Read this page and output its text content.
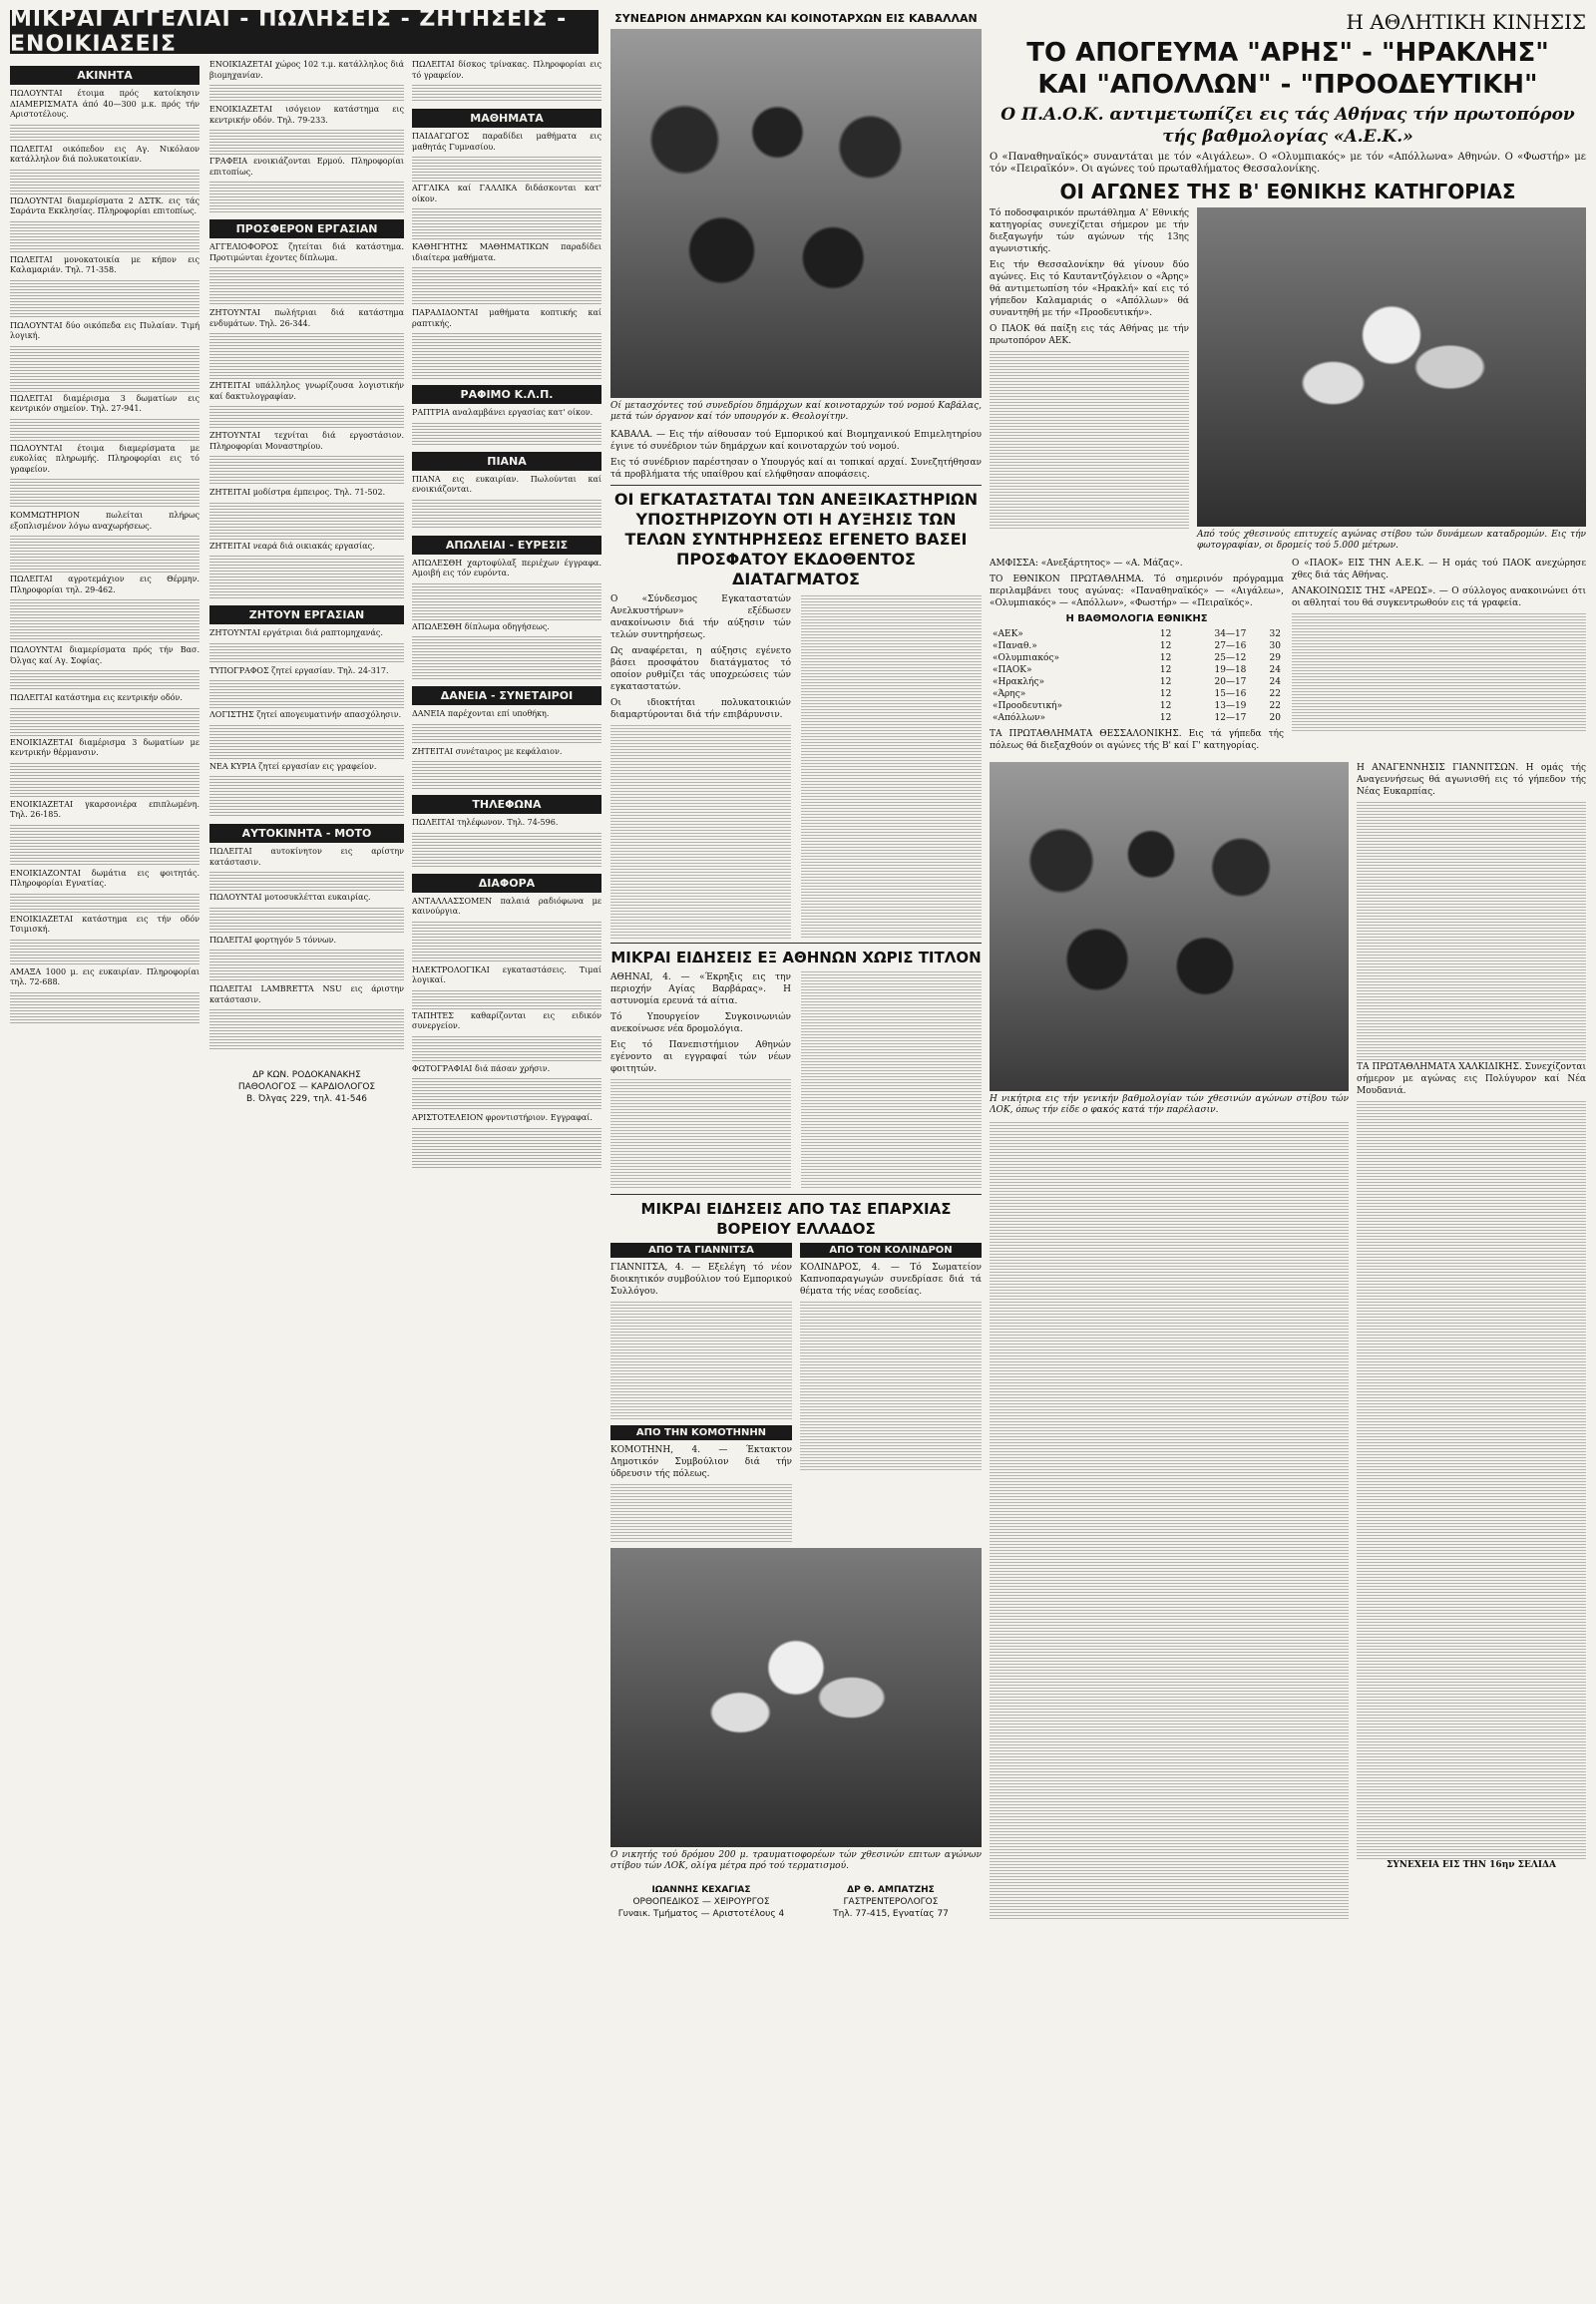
ΜΙΚΡΑΙ ΑΓΓΕΛΙΑΙ - ΠΩΛΗΣΕΙΣ - ΖΗΤΗΣΕΙΣ - ΕΝΟΙΚΙΑΣΕΙΣ
ΑΚΙΝΗΤΑ
ΠΩΛΟΥΝΤΑΙ έτοιμα πρός κατοίκησιν ΔΙΑΜΕΡΙΣΜΑΤΑ άπό 40—300 μ.κ. πρός τήν Αριστοτέλους.
ΠΩΛΕΙΤΑΙ οικόπεδον εις Αγ. Νικόλαον κατάλληλον διά πολυκατοικίαν.
ΠΩΛΟΥΝΤΑΙ διαμερίσματα 2 ΔΣΤΚ. εις τάς Σαράντα Εκκλησίας. Πληροφορίαι επιτοπίως.
ΠΩΛΕΙΤΑΙ μονοκατοικία με κήπον εις Καλαμαριάν. Τηλ. 71-358.
ΠΩΛΟΥΝΤΑΙ δύο οικόπεδα εις Πυλαίαν. Τιμή λογική.
ΠΩΛΕΙΤΑΙ διαμέρισμα 3 δωματίων εις κεντρικόν σημείον. Τηλ. 27-941.
ΠΩΛΟΥΝΤΑΙ έτοιμα διαμερίσματα με ευκολίας πληρωμής. Πληροφορίαι εις τό γραφείον.
ΚΟΜΜΩΤΗΡΙΟΝ πωλείται πλήρως εξοπλισμένον λόγω αναχωρήσεως.
ΠΩΛΕΙΤΑΙ αγροτεμάχιον εις Θέρμην. Πληροφορίαι τηλ. 29-462.
ΠΩΛΟΥΝΤΑΙ διαμερίσματα πρός τήν Βασ. Όλγας καί Αγ. Σοφίας.
ΠΩΛΕΙΤΑΙ κατάστημα εις κεντρικήν οδόν.
ΕΝΟΙΚΙΑΖΕΤΑΙ διαμέρισμα 3 δωματίων με κεντρικήν θέρμανσιν.
ΕΝΟΙΚΙΑΖΕΤΑΙ γκαρσονιέρα επιπλωμένη. Τηλ. 26-185.
ΕΝΟΙΚΙΑΖΟΝΤΑΙ δωμάτια εις φοιτητάς. Πληροφορίαι Εγνατίας.
ΕΝΟΙΚΙΑΖΕΤΑΙ κατάστημα εις τήν οδόν Τσιμισκή.
ΑΜΑΞΑ 1000 μ. εις ευκαιρίαν. Πληροφορίαι τηλ. 72-688.
ΕΝΟΙΚΙΑΖΕΤΑΙ χώρος 102 τ.μ. κατάλληλος διά βιομηχανίαν.
ΕΝΟΙΚΙΑΖΕΤΑΙ ισόγειον κατάστημα εις κεντρικήν οδόν. Τηλ. 79-233.
ΓΡΑΦΕΙΑ ενοικιάζονται Ερμού. Πληροφορίαι επιτοπίως.
ΠΡΟΣΦΕΡΟΝ ΕΡΓΑΣΙΑΝ
ΑΓΓΕΛΙΟΦΟΡΟΣ ζητείται διά κατάστημα. Προτιμώνται έχοντες δίπλωμα.
ΖΗΤΟΥΝΤΑΙ πωλήτριαι διά κατάστημα ενδυμάτων. Τηλ. 26-344.
ΖΗΤΕΙΤΑΙ υπάλληλος γνωρίζουσα λογιστικήν καί δακτυλογραφίαν.
ΖΗΤΟΥΝΤΑΙ τεχνίται διά εργοστάσιον. Πληροφορίαι Μοναστηρίου.
ΖΗΤΕΙΤΑΙ μοδίστρα έμπειρος. Τηλ. 71-502.
ΖΗΤΕΙΤΑΙ νεαρά διά οικιακάς εργασίας.
ΖΗΤΟΥΝ ΕΡΓΑΣΙΑΝ
ΖΗΤΟΥΝΤΑΙ εργάτριαι διά ραπτομηχανάς.
ΤΥΠΟΓΡΑΦΟΣ ζητεί εργασίαν. Τηλ. 24-317.
ΛΟΓΙΣΤΗΣ ζητεί απογευματινήν απασχόλησιν.
ΝΕΑ ΚΥΡΙΑ ζητεί εργασίαν εις γραφείον.
ΑΥΤΟΚΙΝΗΤΑ - ΜΟΤΟ
ΠΩΛΕΙΤΑΙ αυτοκίνητον εις αρίστην κατάστασιν.
ΠΩΛΟΥΝΤΑΙ μοτοσυκλέτται ευκαιρίας.
ΠΩΛΕΙΤΑΙ φορτηγόν 5 τόννων.
ΠΩΛΕΙΤΑΙ LAMBRETTA NSU εις άριστην κατάστασιν.
ΔΡ ΚΩΝ. ΡΟΔΟΚΑΝΑΚΗΣ
ΠΑΘΟΛΟΓΟΣ — ΚΑΡΔΙΟΛΟΓΟΣ
Β. Όλγας 229, τηλ. 41-546
ΠΩΛΕΙΤΑΙ δίσκος τρίνακας. Πληροφορίαι εις τό γραφείον.
ΜΑΘΗΜΑΤΑ
ΠΑΙΔΑΓΩΓΟΣ παραδίδει μαθήματα εις μαθητάς Γυμνασίου.
ΑΓΓΛΙΚΑ καί ΓΑΛΛΙΚΑ διδάσκονται κατ' οίκον.
ΚΑΘΗΓΗΤΗΣ ΜΑΘΗΜΑΤΙΚΩΝ παραδίδει ιδιαίτερα μαθήματα.
ΠΑΡΑΔΙΔΟΝΤΑΙ μαθήματα κοπτικής καί ραπτικής.
ΡΑΦΙΜΟ Κ.Λ.Π.
ΡΑΠΤΡΙΑ αναλαμβάνει εργασίας κατ' οίκον.
ΠΙΑΝΑ
ΠΙΑΝΑ εις ευκαιρίαν. Πωλούνται καί ενοικιάζονται.
ΑΠΩΛΕΙΑΙ - ΕΥΡΕΣΙΣ
ΑΠΩΛΕΣΘΗ χαρτοφύλαξ περιέχων έγγραφα. Αμοιβή εις τόν ευρόντα.
ΑΠΩΛΕΣΘΗ δίπλωμα οδηγήσεως.
ΔΑΝΕΙΑ - ΣΥΝΕΤΑΙΡΟΙ
ΔΑΝΕΙΑ παρέχονται επί υποθήκη.
ΖΗΤΕΙΤΑΙ συνέταιρος με κεφάλαιον.
ΤΗΛΕΦΩΝΑ
ΠΩΛΕΙΤΑΙ τηλέφωνον. Τηλ. 74-596.
ΔΙΑΦΟΡΑ
ΑΝΤΑΛΛΑΣΣΟΜΕΝ παλαιά ραδιόφωνα με καινούργια.
ΗΛΕΚΤΡΟΛΟΓΙΚΑΙ εγκαταστάσεις. Τιμαί λογικαί.
ΤΑΠΗΤΕΣ καθαρίζονται εις ειδικόν συνεργείον.
ΦΩΤΟΓΡΑΦΙΑΙ διά πάσαν χρήσιν.
ΑΡΙΣΤΟΤΕΛΕΙΟΝ φροντιστήριον. Εγγραφαί.
ΣΥΝΕΔΡΙΟΝ ΔΗΜΑΡΧΩΝ ΚΑΙ ΚΟΙΝΟΤΑΡΧΩΝ ΕΙΣ ΚΑΒΑΛΛΑΝ
Οί μετασχόντες τού συνεδρίου δημάρχων καί κοινοταρχών τού νομού Καβάλας, μετά τών όργανον καί τόν υπουργόν κ. Θεολογίτην.

ΚΑΒΑΛΑ. — Εις τήν αίθουσαν τού Εμπορικού καί Βιομηχανικού Επιμελητηρίου έγινε τό συνέδριον τών δημάρχων καί κοινοταρχών τού νομού.

Εις τό συνέδριον παρέστησαν ο Υπουργός καί αι τοπικαί αρχαί. Συνεζητήθησαν τά προβλήματα τής υπαίθρου καί ελήφθησαν αποφάσεις.

ΟΙ ΕΓΚΑΤΑΣΤΑΤΑΙ ΤΩΝ ΑΝΕΞΙΚΑΣΤΗΡΙΩΝ ΥΠΟΣΤΗΡΙΖΟΥΝ ΟΤΙ Η ΑΥΞΗΣΙΣ ΤΩΝ ΤΕΛΩΝ ΣΥΝΤΗΡΗΣΕΩΣ ΕΓΕΝΕΤΟ ΒΑΣΕΙ ΠΡΟΣΦΑΤΟΥ ΕΚΔΟΘΕΝΤΟΣ ΔΙΑΤΑΓΜΑΤΟΣ

Ο «Σύνδεσμος Εγκαταστατών Ανελκυστήρων» εξέδωσεν ανακοίνωσιν διά τήν αύξησιν τών τελών συντηρήσεως.

Ως αναφέρεται, η αύξησις εγένετο βάσει προσφάτου διατάγματος τό οποίον ρυθμίζει τάς υποχρεώσεις τών εγκαταστατών.

Οι ιδιοκτήται πολυκατοικιών διαμαρτύρονται διά τήν επιβάρυνσιν.

ΜΙΚΡΑΙ ΕΙΔΗΣΕΙΣ ΕΞ ΑΘΗΝΩΝ ΧΩΡΙΣ ΤΙΤΛΟΝ

ΑΘΗΝΑΙ, 4. — «Έκρηξις εις την περιοχήν Αγίας Βαρβάρας». Η αστυνομία ερευνά τά αίτια.

Τό Υπουργείον Συγκοινωνιών ανεκοίνωσε νέα δρομολόγια.

Εις τό Πανεπιστήμιον Αθηνών εγένοντο αι εγγραφαί τών νέων φοιτητών.

ΜΙΚΡΑΙ ΕΙΔΗΣΕΙΣ ΑΠΟ ΤΑΣ ΕΠΑΡΧΙΑΣ ΒΟΡΕΙΟΥ ΕΛΛΑΔΟΣ
ΑΠΟ ΤΑ ΓΙΑΝΝΙΤΣΑ	ΑΠΟ ΤΟΝ ΚΟΛΙΝΔΡΟΝ

ΓΙΑΝΝΙΤΣΑ, 4. — Εξελέγη τό νέον διοικητικόν συμβούλιον τού Εμπορικού Συλλόγου.

ΑΠΟ ΤΗΝ ΚΟΜΟΤΗΝΗΝ

ΚΟΜΟΤΗΝΗ, 4. — Έκτακτον Δημοτικόν Συμβούλιον διά τήν ύδρευσιν τής πόλεως.

ΚΟΛΙΝΔΡΟΣ, 4. — Τό Σωματείον Καπνοπαραγωγών συνεδρίασε διά τά θέματα τής νέας εσοδείας.

Ο νικητής τού δρόμου 200 μ. τραυματιοφορέων τών χθεσινών επιτων αγώνων στίβου τών ΛΟΚ, ολίγα μέτρα πρό τού τερματισμού.
ΙΩΑΝΝΗΣ ΚΕΧΑΓΙΑΣ
ΟΡΘΟΠΕΔΙΚΟΣ — ΧΕΙΡΟΥΡΓΟΣ
Γυναικ. Τμήματος — Αριστοτέλους 4
ΔΡ Θ. ΑΜΠΑΤΖΗΣ
ΓΑΣΤΡΕΝΤΕΡΟΛΟΓΟΣ
Τηλ. 77-415, Εγνατίας 77
Η ΑΘΛΗΤΙΚΗ ΚΙΝΗΣΙΣ
ΤΟ ΑΠΟΓΕΥΜΑ "ΑΡΗΣ" - "ΗΡΑΚΛΗΣ"
ΚΑΙ "ΑΠΟΛΛΩΝ" - "ΠΡΟΟΔΕΥΤΙΚΗ"
Ο Π.Α.Ο.Κ. αντιμετωπίζει εις τάς Αθήνας τήν πρωτοπόρον τής βαθμολογίας «Α.Ε.Κ.»
Ο «Παναθηναϊκός» συναντάται με τόν «Αιγάλεω». Ο «Ολυμπιακός» με τόν «Απόλλωνα» Αθηνών. Ο «Φωστήρ» με τόν «Πειραϊκόν». Οι αγώνες τού πρωταθλήματος Θεσσαλονίκης.
ΟΙ ΑΓΩΝΕΣ ΤΗΣ Β' ΕΘΝΙΚΗΣ ΚΑΤΗΓΟΡΙΑΣ

Τό ποδοσφαιρικόν πρωτάθλημα Α' Εθνικής κατηγορίας συνεχίζεται σήμερον με τήν διεξαγωγήν τών αγώνων τής 13ης αγωνιστικής.

Εις τήν Θεσσαλονίκην θά γίνουν δύο αγώνες. Εις τό Καυταντζόγλειον ο «Άρης» θά αντιμετωπίση τόν «Ηρακλή» καί εις τό γήπεδον Καλαμαριάς ο «Απόλλων» θά συναντηθή με τήν «Προοδευτικήν».

Ο ΠΑΟΚ θά παίξη εις τάς Αθήνας με τήν πρωτοπόρον ΑΕΚ.

Από τούς χθεσινούς επιτυχείς αγώνας στίβου τών δυνάμεων καταδρομών. Εις τήν φωτογραφίαν, οι δρομείς τού 5.000 μέτρων.

ΑΜΦΙΣΣΑ: «Ανεξάρτητος» — «Α. Μάζας».

ΤΟ ΕΘΝΙΚΟΝ ΠΡΩΤΑΘΛΗΜΑ. Τό σημερινόν πρόγραμμα περιλαμβάνει τους αγώνας: «Παναθηναϊκός» — «Αιγάλεω», «Ολυμπιακός» — «Απόλλων», «Φωστήρ» — «Πειραϊκός».

Η ΒΑΘΜΟΛΟΓΙΑ ΕΘΝΙΚΗΣ
«ΑΕΚ»	12	34—17	32
«Παναθ.»	12	27—16	30
«Ολυμπιακός»	12	25—12	29
«ΠΑΟΚ»	12	19—18	24
«Ηρακλής»	12	20—17	24
«Άρης»	12	15—16	22
«Προοδευτική»	12	13—19	22
«Απόλλων»	12	12—17	20

ΤΑ ΠΡΩΤΑΘΛΗΜΑΤΑ ΘΕΣΣΑΛΟΝΙΚΗΣ. Εις τά γήπεδα τής πόλεως θά διεξαχθούν οι αγώνες τής Β' καί Γ' κατηγορίας.

Ο «ΠΑΟΚ» ΕΙΣ ΤΗΝ Α.Ε.Κ. — Η ομάς τού ΠΑΟΚ ανεχώρησε χθες διά τάς Αθήνας.

ΑΝΑΚΟΙΝΩΣΙΣ ΤΗΣ «ΑΡΕΩΣ». — Ο σύλλογος ανακοινώνει ότι οι αθληταί του θά συγκεντρωθούν εις τά γραφεία.

Η νικήτρια εις τήν γενικήν βαθμολογίαν τών χθεσινών αγώνων στίβου τών ΛΟΚ, όπως τήν είδε ο φακός κατά τήν παρέλασιν.

Η ΑΝΑΓΕΝΝΗΣΙΣ ΓΙΑΝΝΙΤΣΩΝ. Η ομάς τής Αναγεννήσεως θά αγωνισθή εις τό γήπεδον τής Νέας Ευκαρπίας.

ΤΑ ΠΡΩΤΑΘΛΗΜΑΤΑ ΧΑΛΚΙΔΙΚΗΣ. Συνεχίζονται σήμερον με αγώνας εις Πολύγυρον καί Νέα Μουδανιά.

ΣΥΝΕΧΕΙΑ ΕΙΣ ΤΗΝ 16ην ΣΕΛΙΔΑ
